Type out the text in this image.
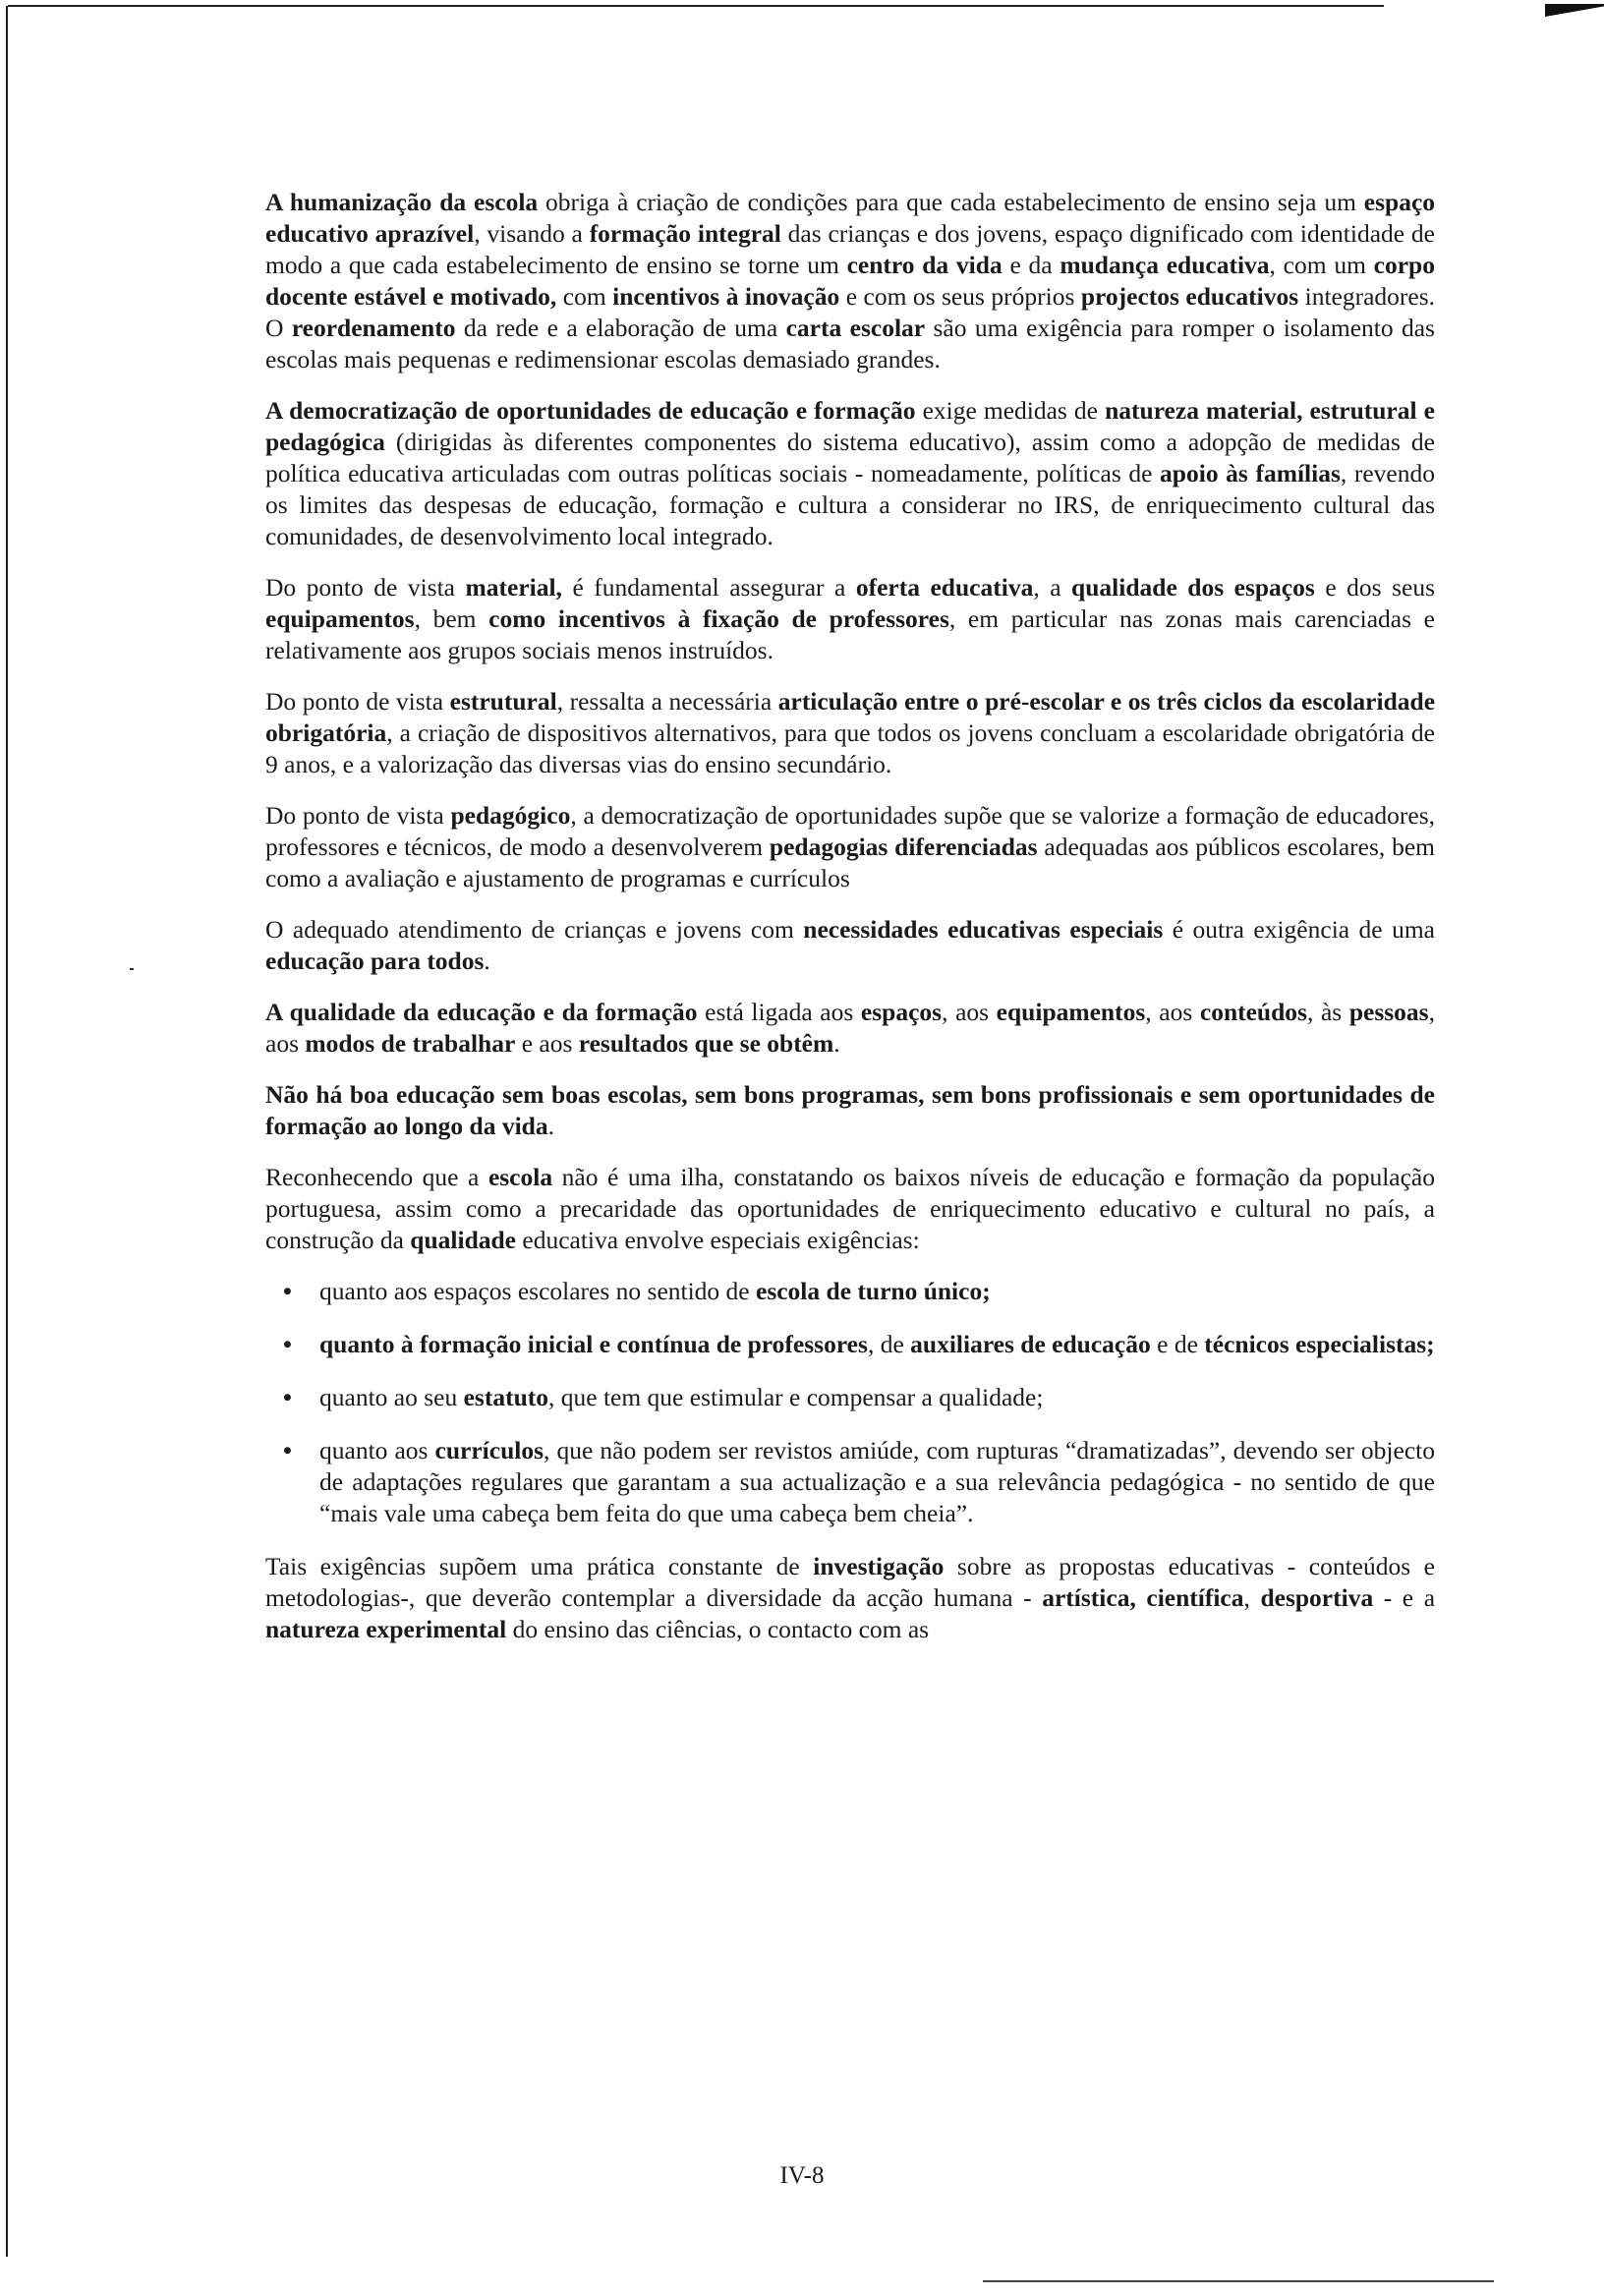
A humanização da escola obriga à criação de condições para que cada estabelecimento de ensino seja um espaço educativo aprazível, visando a formação integral das crianças e dos jovens, espaço dignificado com identidade de modo a que cada estabelecimento de ensino se torne um centro da vida e da mudança educativa, com um corpo docente estável e motivado, com incentivos à inovação e com os seus próprios projectos educativos integradores. O reordenamento da rede e a elaboração de uma carta escolar são uma exigência para romper o isolamento das escolas mais pequenas e redimensionar escolas demasiado grandes.

A democratização de oportunidades de educação e formação exige medidas de natureza material, estrutural e pedagógica (dirigidas às diferentes componentes do sistema educativo), assim como a adopção de medidas de política educativa articuladas com outras políticas sociais - nomeadamente, políticas de apoio às famílias, revendo os limites das despesas de educação, formação e cultura a considerar no IRS, de enriquecimento cultural das comunidades, de desenvolvimento local integrado.

Do ponto de vista material, é fundamental assegurar a oferta educativa, a qualidade dos espaços e dos seus equipamentos, bem como incentivos à fixação de professores, em particular nas zonas mais carenciadas e relativamente aos grupos sociais menos instruídos.

Do ponto de vista estrutural, ressalta a necessária articulação entre o pré-escolar e os três ciclos da escolaridade obrigatória, a criação de dispositivos alternativos, para que todos os jovens concluam a escolaridade obrigatória de 9 anos, e a valorização das diversas vias do ensino secundário.

Do ponto de vista pedagógico, a democratização de oportunidades supõe que se valorize a formação de educadores, professores e técnicos, de modo a desenvolverem pedagogias diferenciadas adequadas aos públicos escolares, bem como a avaliação e ajustamento de programas e currículos

O adequado atendimento de crianças e jovens com necessidades educativas especiais é outra exigência de uma educação para todos.

A qualidade da educação e da formação está ligada aos espaços, aos equipamentos, aos conteúdos, às pessoas, aos modos de trabalhar e aos resultados que se obtêm.

Não há boa educação sem boas escolas, sem bons programas, sem bons profissionais e sem oportunidades de formação ao longo da vida.

Reconhecendo que a escola não é uma ilha, constatando os baixos níveis de educação e formação da população portuguesa, assim como a precaridade das oportunidades de enriquecimento educativo e cultural no país, a construção da qualidade educativa envolve especiais exigências:

• quanto aos espaços escolares no sentido de escola de turno único;
• quanto à formação inicial e contínua de professores, de auxiliares de educação e de técnicos especialistas;
• quanto ao seu estatuto, que tem que estimular e compensar a qualidade;
• quanto aos currículos, que não podem ser revistos amiúde, com rupturas “dramatizadas”, devendo ser objecto de adaptações regulares que garantam a sua actualização e a sua relevância pedagógica - no sentido de que “mais vale uma cabeça bem feita do que uma cabeça bem cheia”.

Tais exigências supõem uma prática constante de investigação sobre as propostas educativas - conteúdos e metodologias-, que deverão contemplar a diversidade da acção humana - artística, científica, desportiva - e a natureza experimental do ensino das ciências, o contacto com as

IV-8
